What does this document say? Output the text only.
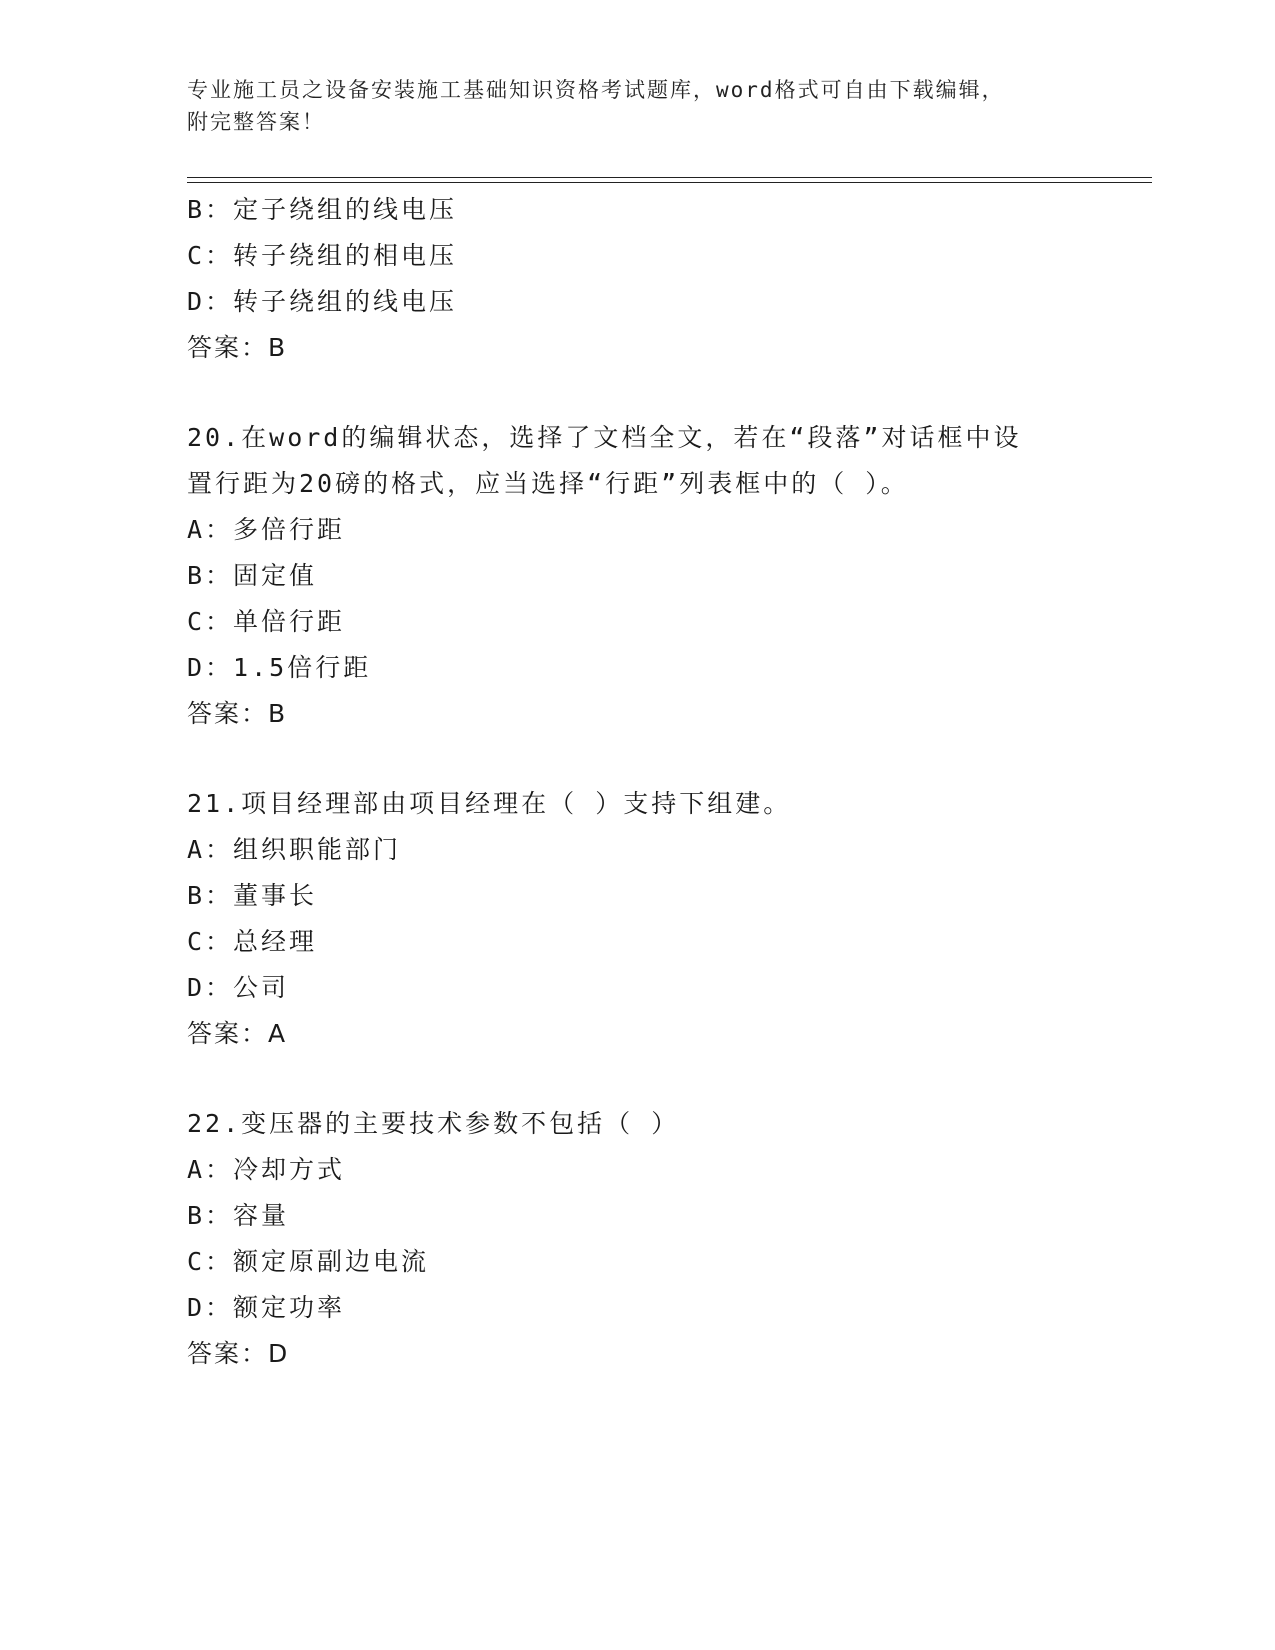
专业施工员之设备安装施工基础知识资格考试题库，word格式可自由下载编辑，
附完整答案！
B：定子绕组的线电压
C：转子绕组的相电压
D：转子绕组的线电压
答案：B
20.在word的编辑状态，选择了文档全文，若在“段落”对话框中设
置行距为20磅的格式，应当选择“行距”列表框中的（ ）。
A：多倍行距
B：固定值
C：单倍行距
D：1.5倍行距
答案：B
21.项目经理部由项目经理在（ ）支持下组建。
A：组织职能部门
B：董事长
C：总经理
D：公司
答案：A
22.变压器的主要技术参数不包括（ ）
A：冷却方式
B：容量
C：额定原副边电流
D：额定功率
答案：D
